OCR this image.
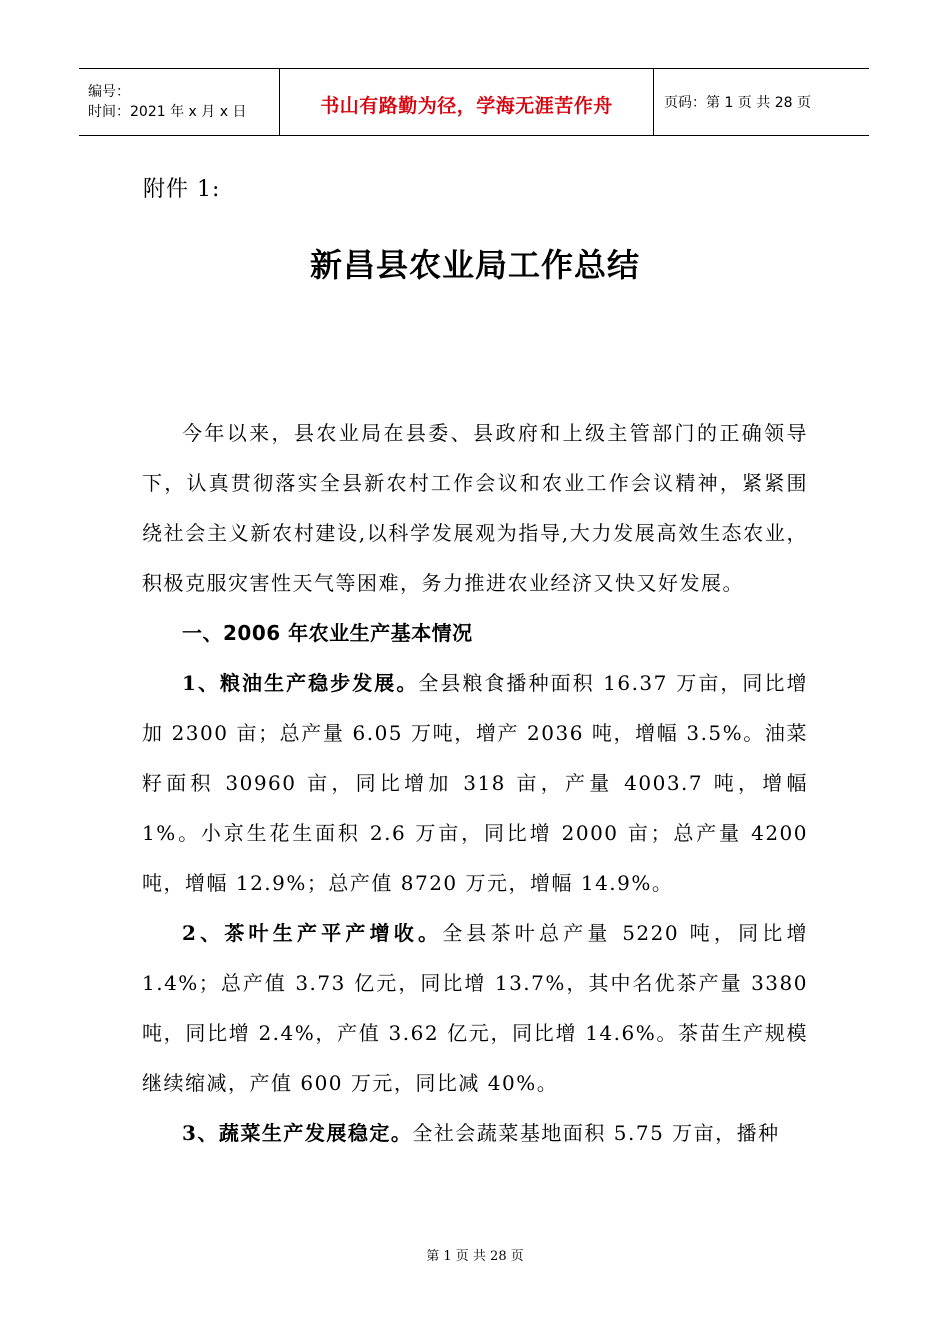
编号：
时间：2021 年 x 月 x 日	书山有路勤为径，学海无涯苦作舟	页码：第 1 页 共 28 页
附件 1:
新昌县农业局工作总结

今年以来，县农业局在县委、县政府和上级主管部门的正确领导下，认真贯彻落实全县新农村工作会议和农业工作会议精神，紧紧围绕社会主义新农村建设,以科学发展观为指导,大力发展高效生态农业，积极克服灾害性天气等困难，务力推进农业经济又快又好发展。

一、2006 年农业生产基本情况

1、粮油生产稳步发展。全县粮食播种面积 16.37 万亩，同比增加 2300 亩；总产量 6.05 万吨，增产 2036 吨，增幅 3.5%。油菜籽面积 30960 亩，同比增加 318 亩，产量 4003.7 吨，增幅 1%。小京生花生面积 2.6 万亩，同比增 2000 亩；总产量 4200 吨，增幅 12.9%；总产值 8720 万元，增幅 14.9%。

2、茶叶生产平产增收。全县茶叶总产量 5220 吨，同比增 1.4%；总产值 3.73 亿元，同比增 13.7%，其中名优茶产量 3380 吨，同比增 2.4%，产值 3.62 亿元，同比增 14.6%。茶苗生产规模继续缩减，产值 600 万元，同比减 40%。

3、蔬菜生产发展稳定。全社会蔬菜基地面积 5.75 万亩，播种

第 1 页 共 28 页
